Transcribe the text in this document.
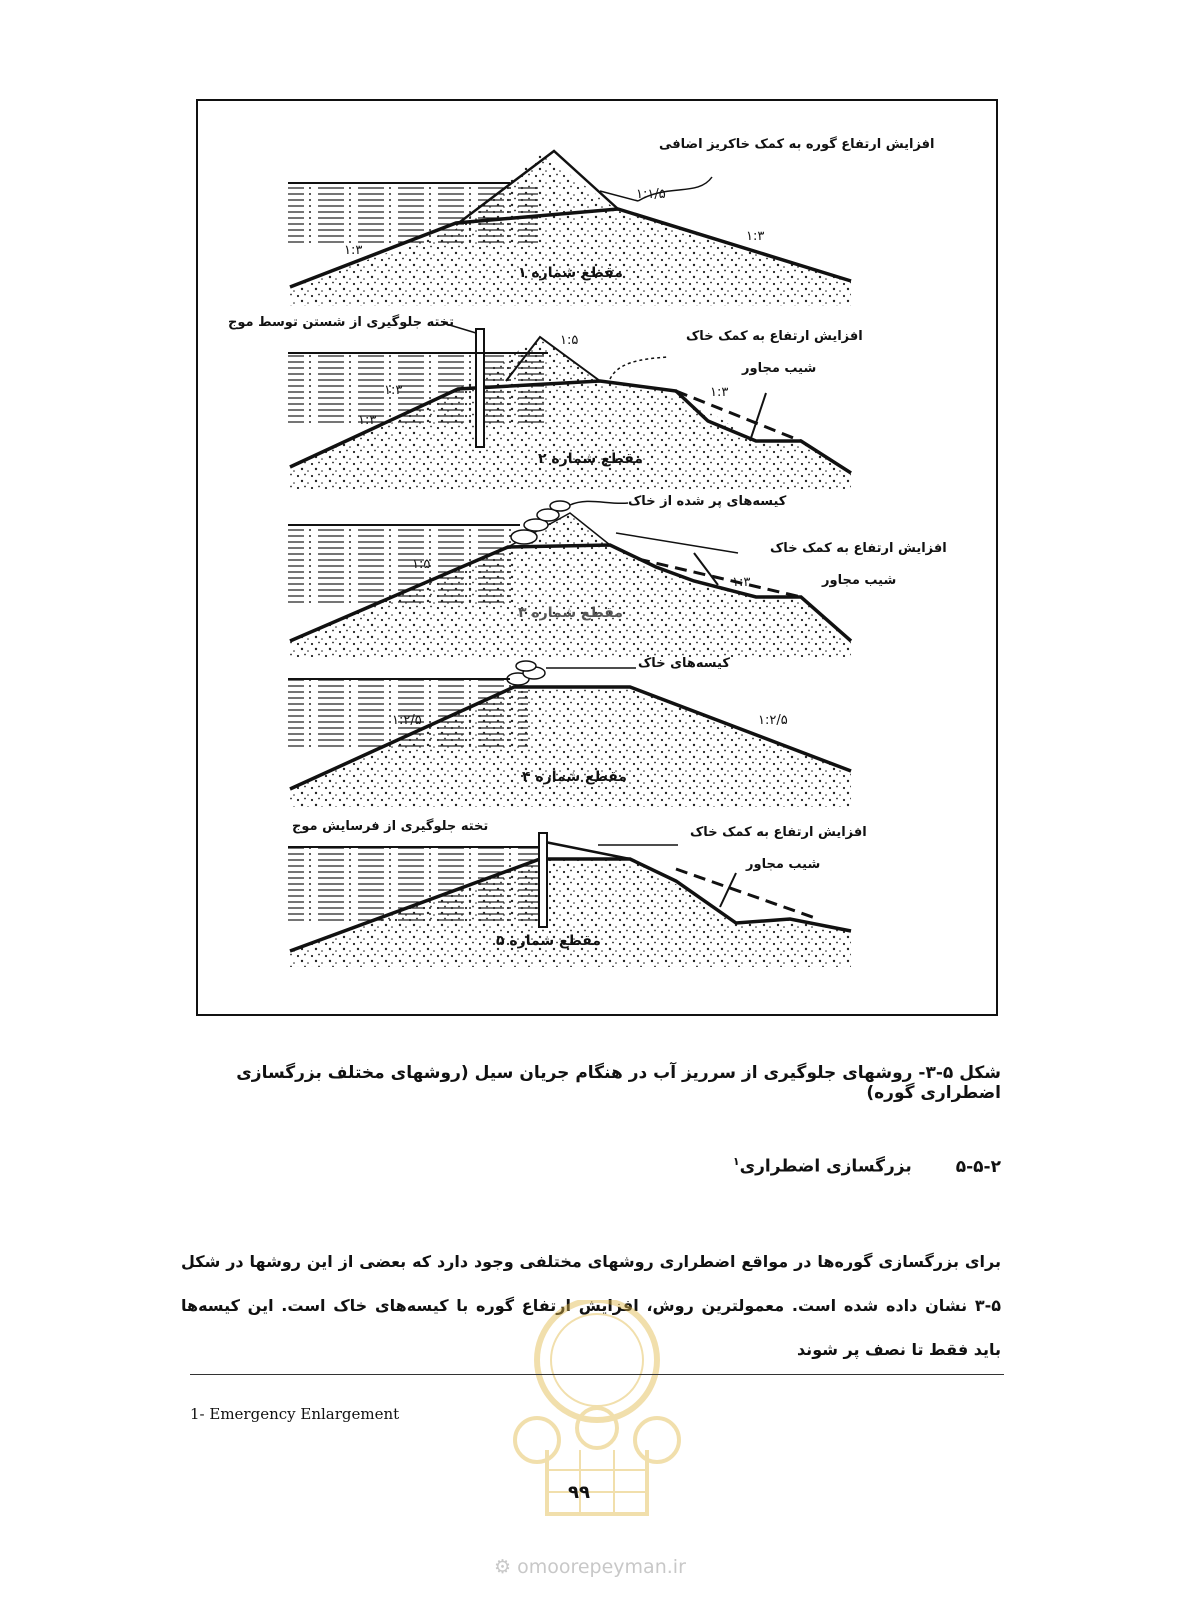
افزایش ارتفاع گوره به کمک خاکریز اضافی
مقطع شماره ۱
۱:۱/۵
۱:۳
۱:۳
تخته جلوگیری از شستن توسط موج
افزایش ارتفاع به کمک خاک
شیب مجاور
مقطع شماره ۲
۱:۵
۱:۳
۱:۳
۱:۳
کیسه‌های پر شده از خاک
افزایش ارتفاع به کمک خاک
شیب مجاور
مقطع شماره ۳
۱:۵
۱:۳
کیسه‌های خاک
مقطع شماره ۴
۱:۲/۵	۱:۲/۵
تخته جلوگیری از فرسایش موج	افزایش ارتفاع به کمک خاک
شیب مجاور
مقطع شماره ۵
شکل ۵-۳- روشهای جلوگیری از سرریز آب در هنگام جریان سیل (روشهای مختلف بزرگسازی اضطراری گوره)
۵-۵-۲
بزرگسازی اضطراری$^۱$
برای بزرگسازی گوره‌ها در مواقع اضطراری روشهای مختلفی وجود دارد که بعضی از این روشها در شکل ۵-۳ نشان داده شده است. معمولترین روش، افزایش ارتفاع گوره با کیسه‌های خاک است. این کیسه‌ها باید فقط تا نصف پر شوند
1- Emergency Enlargement
۹۹
⚙ omoorepeyman.ir
